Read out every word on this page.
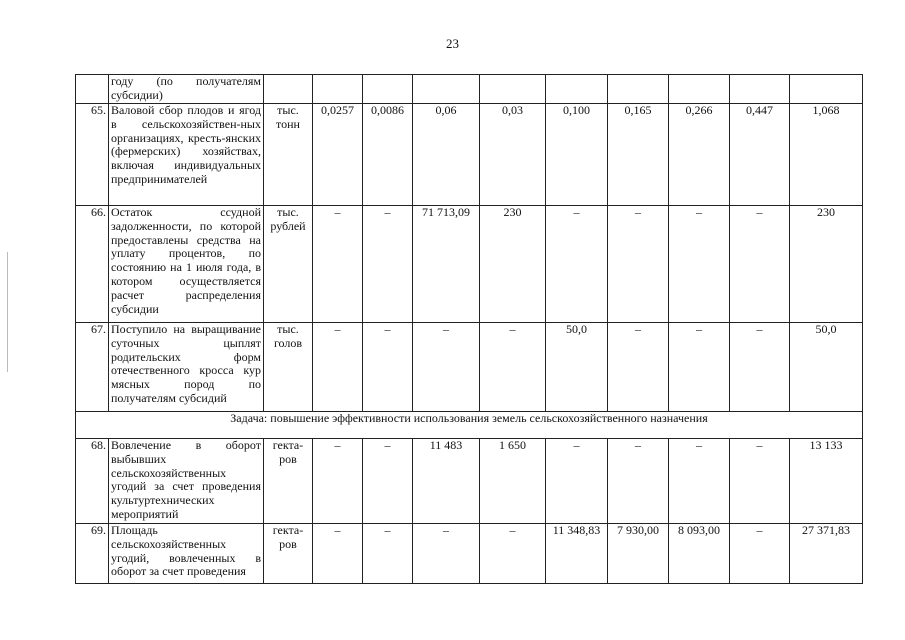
23
	году (по получателям субсидии)										
65.	Валовой сбор плодов и ягод в сельскохозяйствен-ных организациях, кресть-янских (фермерских) хозяйствах, включая индивидуальных предпринимателей	тыс. тонн	0,0257	0,0086	0,06	0,03	0,100	0,165	0,266	0,447	1,068
66.	Остаток ссудной задолженности, по которой предоставлены средства на уплату процентов, по состоянию на 1 июля года, в котором осуществляется расчет распределения субсидии	тыс. рублей	–	–	71 713,09	230	–	–	–	–	230
67.	Поступило на выращивание суточных цыплят родительских форм отечественного кросса кур мясных пород по получателям субсидий	тыс. голов	–	–	–	–	50,0	–	–	–	50,0
Задача: повышение эффективности использования земель сельскохозяйственного назначения											
68.	Вовлечение в оборот выбывших сельскохозяйственных угодий за счет проведения культуртехнических мероприятий	гекта-ров	–	–	11 483	1 650	–	–	–	–	13 133
69.	Площадь сельскохозяйственных угодий, вовлеченных в оборот за счет проведения	гекта-ров	–	–	–	–	11 348,83	7 930,00	8 093,00	–	27 371,83
